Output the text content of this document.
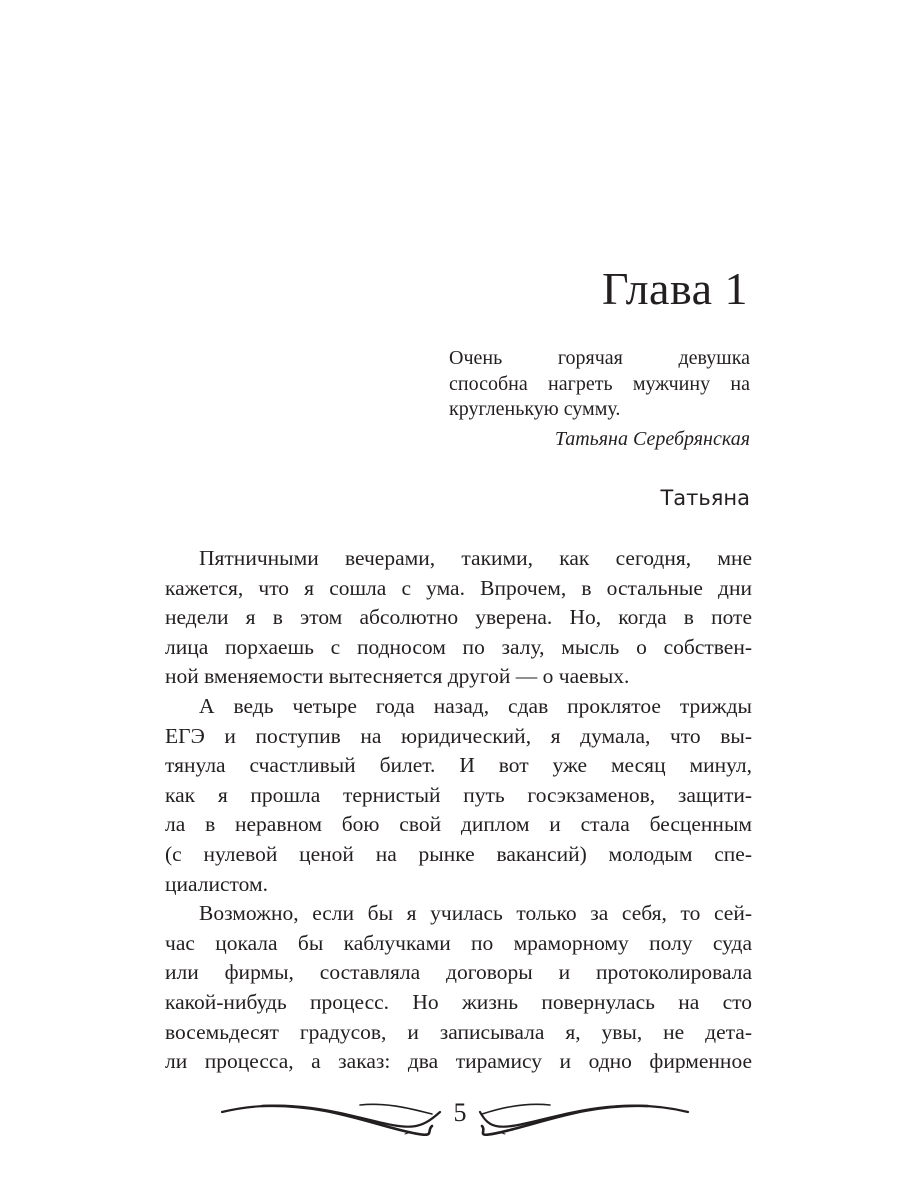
Глава 1
Очень горячая девушка
способна нагреть мужчину на
кругленькую сумму.
Татьяна Серебрянская
Татьяна
Пятничными вечерами, такими, как сегодня, мне
кажется, что я сошла с ума. Впрочем, в остальные дни
недели я в этом абсолютно уверена. Но, когда в поте
лица порхаешь с подносом по залу, мысль о собствен-
ной вменяемости вытесняется другой — о чаевых.
А ведь четыре года назад, сдав проклятое трижды
ЕГЭ и поступив на юридический, я думала, что вы-
тянула счастливый билет. И вот уже месяц минул,
как я прошла тернистый путь госэкзаменов, защити-
ла в неравном бою свой диплом и стала бесценным
(с нулевой ценой на рынке вакансий) молодым спе-
циалистом.
Возможно, если бы я училась только за себя, то сей-
час цокала бы каблучками по мраморному полу суда
или фирмы, составляла договоры и протоколировала
какой-нибудь процесс. Но жизнь повернулась на сто
восемьдесят градусов, и записывала я, увы, не дета-
ли процесса, а заказ: два тирамису и одно фирменное
5
